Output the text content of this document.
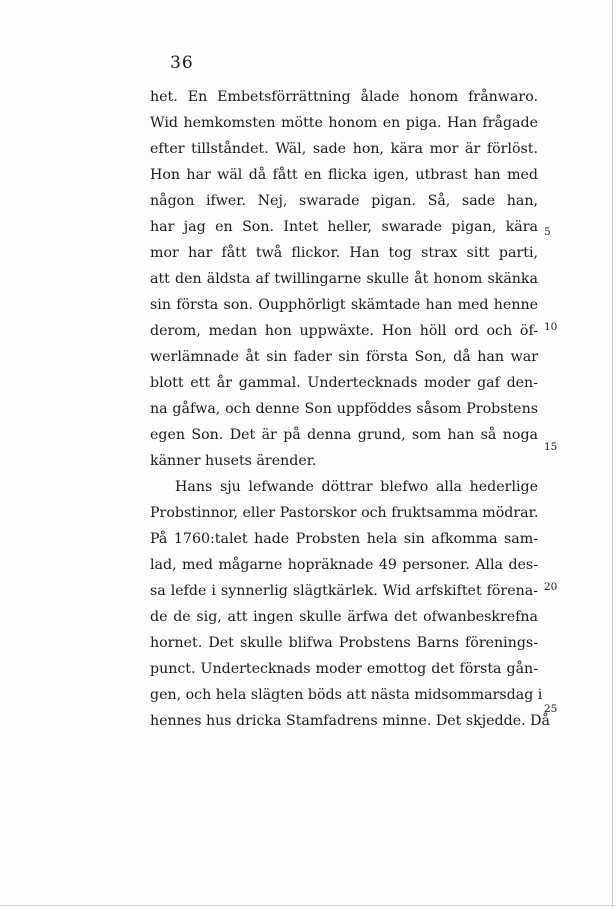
36
het. En Embetsförrättning ålade honom frånwaro.
Wid hemkomsten mötte honom en piga. Han frågade
efter tillståndet. Wäl, sade hon, kära mor är förlöst.
Hon har wäl då fått en flicka igen, utbrast han med
någon ifwer. Nej, swarade pigan. Så, sade han,
har jag en Son. Intet heller, swarade pigan, kära
mor har fått twå flickor. Han tog strax sitt parti,
att den äldsta af twillingarne skulle åt honom skänka
sin första son. Oupphörligt skämtade han med henne
derom, medan hon uppwäxte. Hon höll ord och öf-
werlämnade åt sin fader sin första Son, då han war
blott ett år gammal. Undertecknads moder gaf den-
na gåfwa, och denne Son uppföddes såsom Probstens
egen Son. Det är på denna grund, som han så noga
känner husets ärender.
Hans sju lefwande döttrar blefwo alla hederlige
Probstinnor, eller Pastorskor och fruktsamma mödrar.
På 1760:talet hade Probsten hela sin afkomma sam-
lad, med mågarne hopräknade 49 personer. Alla des-
sa lefde i synnerlig slägtkärlek. Wid arfskiftet förena-
de de sig, att ingen skulle ärfwa det ofwanbeskrefna
hornet. Det skulle blifwa Probstens Barns förenings-
punct. Undertecknads moder emottog det första gån-
gen, och hela slägten böds att nästa midsommarsdag i
hennes hus dricka Stamfadrens minne. Det skjedde. Då
5
10
15
20
25
